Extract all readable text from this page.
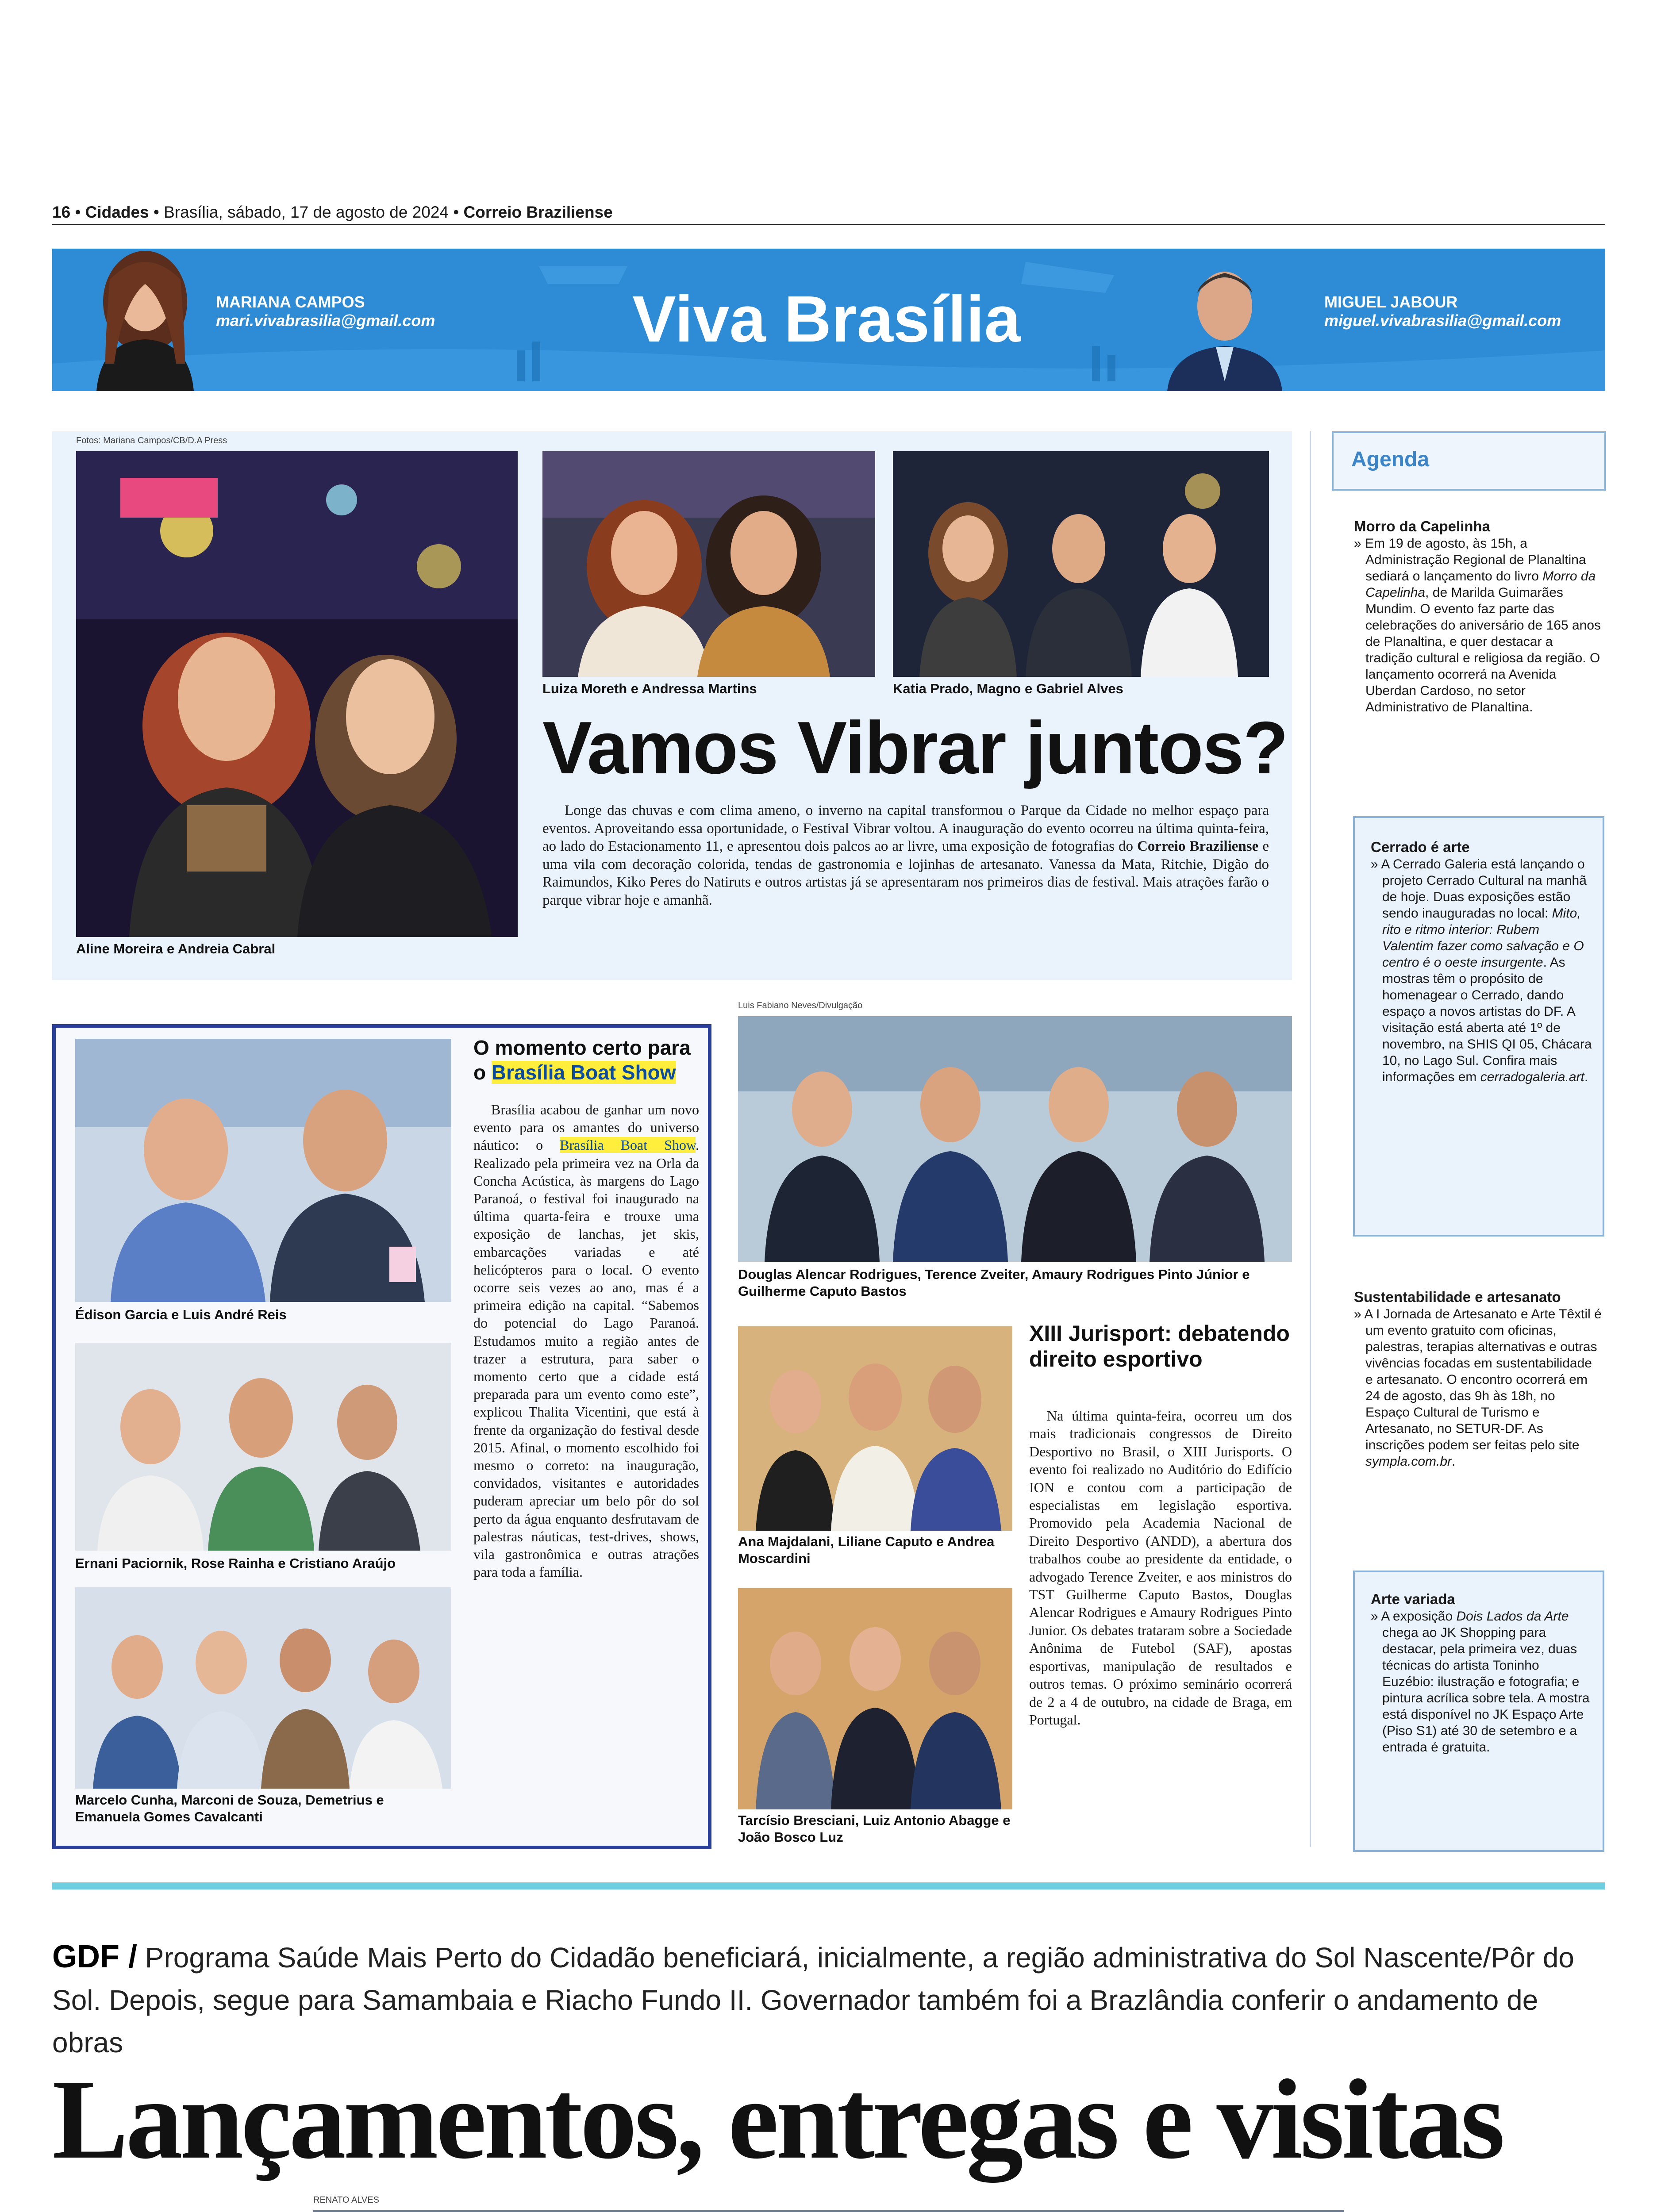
16 • Cidades • Brasília, sábado, 17 de agosto de 2024 • Correio Braziliense
MARIANA CAMPOS
mari.vivabrasilia@gmail.com	Viva Brasília	MIGUEL JABOUR
miguel.vivabrasilia@gmail.com
Fotos: Mariana Campos/CB/D.A Press
Aline Moreira e Andreia Cabral
Luiza Moreth e Andressa Martins	Katia Prado, Magno e Gabriel Alves
Vamos Vibrar juntos?
Longe das chuvas e com clima ameno, o inverno na capital transformou o Parque da Cidade no melhor espaço para eventos. Aproveitando essa oportunidade, o Festival Vibrar voltou. A inauguração do evento ocorreu na última quinta-feira, ao lado do Estacionamento 11, e apresentou dois palcos ao ar livre, uma exposição de fotografias do Correio Braziliense e uma vila com decoração colorida, tendas de gastronomia e lojinhas de artesanato. Vanessa da Mata, Ritchie, Digão do Raimundos, Kiko Peres do Natiruts e outros artistas já se apresentaram nos primeiros dias de festival. Mais atrações farão o parque vibrar hoje e amanhã.
Édison Garcia e Luis André Reis
Ernani Paciornik, Rose Rainha e Cristiano Araújo
Marcelo Cunha, Marconi de Souza, Demetrius e Emanuela Gomes Cavalcanti
O momento certo para o Brasília Boat Show
Brasília acabou de ganhar um novo evento para os amantes do universo náutico: o Brasília Boat Show. Realizado pela primeira vez na Orla da Concha Acústica, às margens do Lago Paranoá, o festival foi inaugurado na última quarta-feira e trouxe uma exposição de lanchas, jet skis, embarcações variadas e até helicópteros para o local. O evento ocorre seis vezes ao ano, mas é a primeira edição na capital. “Sabemos do potencial do Lago Paranoá. Estudamos muito a região antes de trazer a estrutura, para saber o momento certo que a cidade está preparada para um evento como este”, explicou Thalita Vicentini, que está à frente da organização do festival desde 2015. Afinal, o momento escolhido foi mesmo o correto: na inauguração, convidados, visitantes e autoridades puderam apreciar um belo pôr do sol perto da água enquanto desfrutavam de palestras náuticas, test-drives, shows, vila gastronômica e outras atrações para toda a família.
Luis Fabiano Neves/Divulgação
Douglas Alencar Rodrigues, Terence Zveiter, Amaury Rodrigues Pinto Júnior e Guilherme Caputo Bastos
Ana Majdalani, Liliane Caputo e Andrea Moscardini
Tarcísio Bresciani, Luiz Antonio Abagge e João Bosco Luz
XIII Jurisport: debatendo direito esportivo
Na última quinta-feira, ocorreu um dos mais tradicionais congressos de Direito Desportivo no Brasil, o XIII Jurisports. O evento foi realizado no Auditório do Edifício ION e contou com a participação de especialistas em legislação esportiva. Promovido pela Academia Nacional de Direito Desportivo (ANDD), a abertura dos trabalhos coube ao presidente da entidade, o advogado Terence Zveiter, e aos ministros do TST Guilherme Caputo Bastos, Douglas Alencar Rodrigues e Amaury Rodrigues Pinto Junior. Os debates trataram sobre a Sociedade Anônima de Futebol (SAF), apostas esportivas, manipulação de resultados e outros temas. O próximo seminário ocorrerá de 2 a 4 de outubro, na cidade de Braga, em Portugal.
Agenda
Morro da Capelinha
» Em 19 de agosto, às 15h, a Administração Regional de Planaltina sediará o lançamento do livro Morro da Capelinha, de Marilda Guimarães Mundim. O evento faz parte das celebrações do aniversário de 165 anos de Planaltina, e quer destacar a tradição cultural e religiosa da região. O lançamento ocorrerá na Avenida Uberdan Cardoso, no setor Administrativo de Planaltina.
Cerrado é arte
» A Cerrado Galeria está lançando o projeto Cerrado Cultural na manhã de hoje. Duas exposições estão sendo inauguradas no local: Mito, rito e ritmo interior: Rubem Valentim fazer como salvação e O centro é o oeste insurgente. As mostras têm o propósito de homenagear o Cerrado, dando espaço a novos artistas do DF. A visitação está aberta até 1º de novembro, na SHIS QI 05, Chácara 10, no Lago Sul. Confira mais informações em cerradogaleria.art.
Sustentabilidade e artesanato
» A I Jornada de Artesanato e Arte Têxtil é um evento gratuito com oficinas, palestras, terapias alternativas e outras vivências focadas em sustentabilidade e artesanato. O encontro ocorrerá em 24 de agosto, das 9h às 18h, no Espaço Cultural de Turismo e Artesanato, no SETUR-DF. As inscrições podem ser feitas pelo site sympla.com.br.
Arte variada
» A exposição Dois Lados da Arte chega ao JK Shopping para destacar, pela primeira vez, duas técnicas do artista Toninho Euzébio: ilustração e fotografia; e pintura acrílica sobre tela. A mostra está disponível no JK Espaço Arte (Piso S1) até 30 de setembro e a entrada é gratuita.
GDF / Programa Saúde Mais Perto do Cidadão beneficiará, inicialmente, a região administrativa do Sol Nascente/Pôr do Sol. Depois, segue para Samambaia e Riacho Fundo II. Governador também foi a Brazlândia conferir o andamento de obras
Lançamentos, entregas e visitas
RENATO ALVES
